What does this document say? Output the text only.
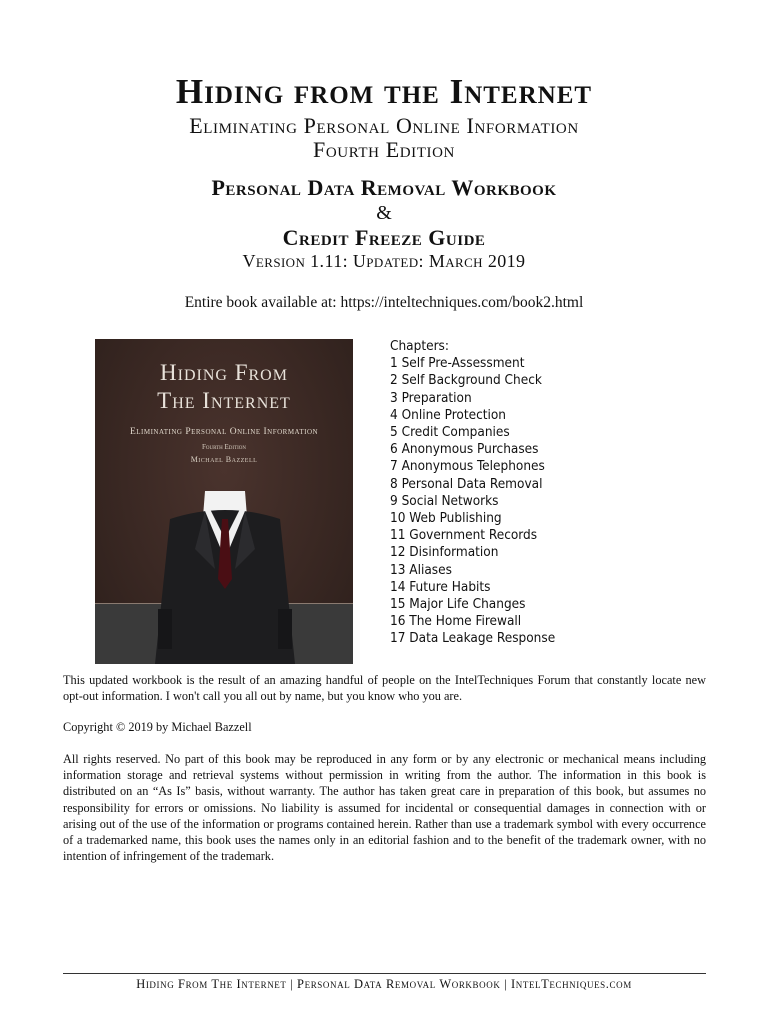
Hiding from the Internet
Eliminating Personal Online Information
Fourth Edition
Personal Data Removal Workbook
&
Credit Freeze Guide
Version 1.11: Updated: March 2019
Entire book available at: https://inteltechniques.com/book2.html
Hiding From
The Internet
Eliminating Personal Online Information
Fourth Edition
Michael Bazzell
Chapters:
1 Self Pre-Assessment
2 Self Background Check
3 Preparation
4 Online Protection
5 Credit Companies
6 Anonymous Purchases
7 Anonymous Telephones
8 Personal Data Removal
9 Social Networks
10 Web Publishing
11 Government Records
12 Disinformation
13 Aliases
14 Future Habits
15 Major Life Changes
16 The Home Firewall
17 Data Leakage Response

This updated workbook is the result of an amazing handful of people on the IntelTechniques Forum that constantly locate new opt-out information. I won't call you all out by name, but you know who you are.

Copyright © 2019 by Michael Bazzell

All rights reserved. No part of this book may be reproduced in any form or by any electronic or mechanical means including information storage and retrieval systems without permission in writing from the author. The information in this book is distributed on an “As Is” basis, without warranty. The author has taken great care in preparation of this book, but assumes no responsibility for errors or omissions. No liability is assumed for incidental or consequential damages in connection with or arising out of the use of the information or programs contained herein. Rather than use a trademark symbol with every occurrence of a trademarked name, this book uses the names only in an editorial fashion and to the benefit of the trademark owner, with no intention of infringement of the trademark.

Hiding From The Internet | Personal Data Removal Workbook | IntelTechniques.com
